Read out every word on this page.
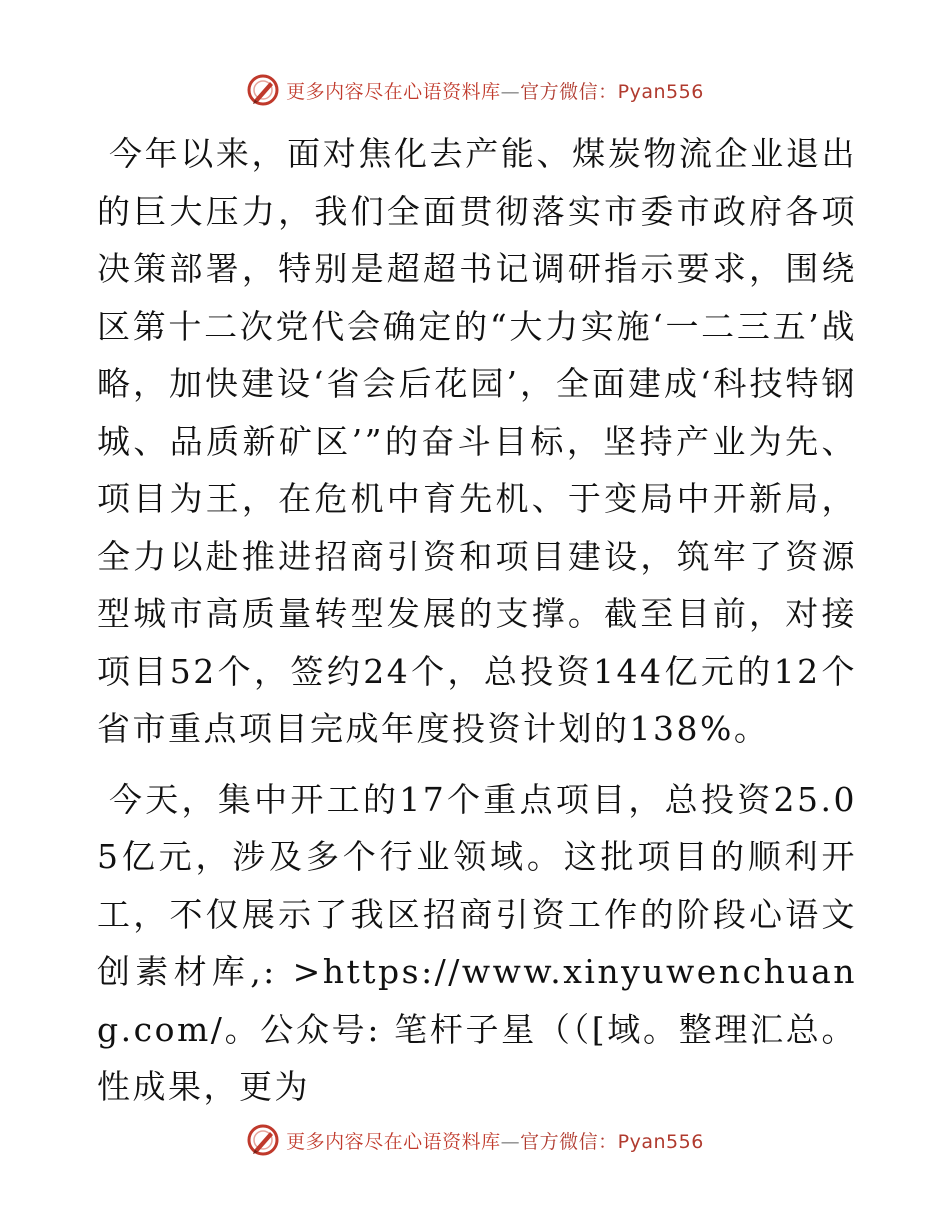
更多内容尽在心语资料库—官方微信：Pyan556

今年以来，面对焦化去产能、煤炭物流企业退出的巨大压力，我们全面贯彻落实市委市政府各项决策部署，特别是超超书记调研指示要求，围绕区第十二次党代会确定的“大力实施‘一二三五’战略，加快建设‘省会后花园’，全面建成‘科技特钢城、品质新矿区’”的奋斗目标，坚持产业为先、项目为王，在危机中育先机、于变局中开新局，全力以赴推进招商引资和项目建设，筑牢了资源型城市高质量转型发展的支撑。截至目前，对接项目52个，签约24个，总投资144亿元的12个省市重点项目完成年度投资计划的138%。

今天，集中开工的17个重点项目，总投资25.05亿元，涉及多个行业领域。这批项目的顺利开工，不仅展示了我区招商引资工作的阶段心语文创素材库,: >https://www.xinyuwenchuang.com/。公众号: 笔杆子星（（[域。整理汇总。性成果，更为

更多内容尽在心语资料库—官方微信：Pyan556
